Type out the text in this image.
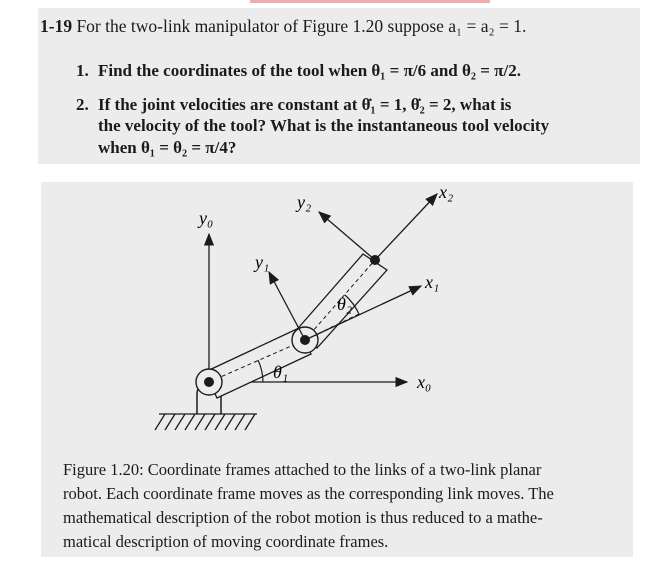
1-19 For the two-link manipulator of Figure 1.20 suppose a₁ = a₂ = 1.
1. Find the coordinates of the tool when θ₁ = π/6 and θ₂ = π/2.
2. If the joint velocities are constant at θ̇₁ = 1, θ̇₂ = 2, what is
the velocity of the tool? What is the instantaneous tool velocity
when θ₁ = θ₂ = π/4?
y₀
x₀
y₁
x₁
y₂	x₂
θ₁
θ₂
Figure 1.20: Coordinate frames attached to the links of a two-link planar
robot. Each coordinate frame moves as the corresponding link moves. The
mathematical description of the robot motion is thus reduced to a mathe-
matical description of moving coordinate frames.
